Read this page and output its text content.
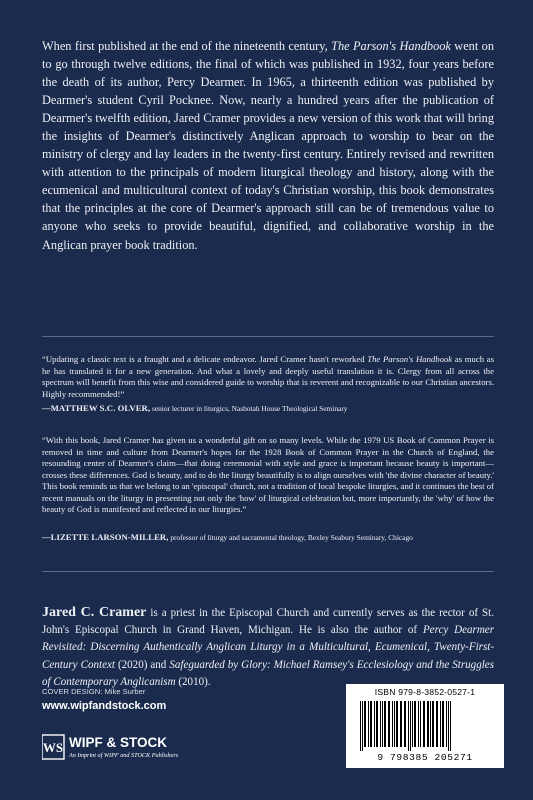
When first published at the end of the nineteenth century, The Parson's Handbook went on to go through twelve editions, the final of which was published in 1932, four years before the death of its author, Percy Dearmer. In 1965, a thirteenth edition was published by Dearmer's student Cyril Pocknee. Now, nearly a hundred years after the publication of Dearmer's twelfth edition, Jared Cramer provides a new version of this work that will bring the insights of Dearmer's distinctively Anglican approach to worship to bear on the ministry of clergy and lay leaders in the twenty-first century. Entirely revised and rewritten with attention to the principals of modern liturgical theology and history, along with the ecumenical and multicultural context of today's Christian worship, this book demonstrates that the principles at the core of Dearmer's approach still can be of tremendous value to anyone who seeks to provide beautiful, dignified, and collaborative worship in the Anglican prayer book tradition.

“Updating a classic text is a fraught and a delicate endeavor. Jared Cramer hasn't reworked The Parson's Handbook as much as he has translated it for a new generation. And what a lovely and deeply useful translation it is. Clergy from all across the spectrum will benefit from this wise and considered guide to worship that is reverent and recognizable to our Christian ancestors. Highly recommended!”

—MATTHEW S.C. OLVER, senior lecturer in liturgics, Nashotah House Theological Seminary

“With this book, Jared Cramer has given us a wonderful gift on so many levels. While the 1979 US Book of Common Prayer is removed in time and culture from Dearmer's hopes for the 1928 Book of Common Prayer in the Church of England, the resounding center of Dearmer's claim—that doing ceremonial with style and grace is important because beauty is important—crosses these differences. God is beauty, and to do the liturgy beautifully is to align ourselves with 'the divine character of beauty.' This book reminds us that we belong to an 'episcopal' church, not a tradition of local bespoke liturgies, and it continues the best of recent manuals on the liturgy in presenting not only the 'how' of liturgical celebration but, more importantly, the 'why' of how the beauty of God is manifested and reflected in our liturgies.”

—LIZETTE LARSON-MILLER, professor of liturgy and sacramental theology, Bexley Seabury Seminary, Chicago

Jared C. Cramer is a priest in the Episcopal Church and currently serves as the rector of St. John's Episcopal Church in Grand Haven, Michigan. He is also the author of Percy Dearmer Revisited: Discerning Authentically Anglican Liturgy in a Multicultural, Ecumenical, Twenty-First-Century Context (2020) and Safeguarded by Glory: Michael Ramsey's Ecclesiology and the Struggles of Contemporary Anglicanism (2010).

COVER DESIGN: Mike Surber
www.wipfandstock.com
WS WIPF & STOCK
An Imprint of WIPF and STOCK Publishers
ISBN 979-8-3852-0527-1
9 798385 205271
